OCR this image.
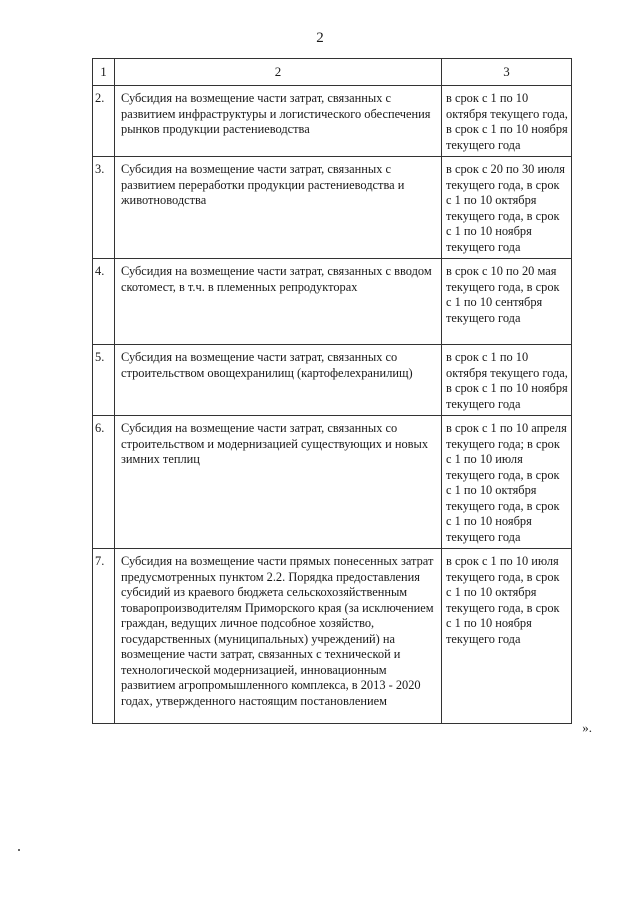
2
1	2	3
2.	Субсидия на возмещение части затрат, связанных с развитием инфраструктуры и логистического обеспечения рынков продукции растениеводства	в срок с 1 по 10 октября текущего года, в срок с 1 по 10 ноября текущего года
3.	Субсидия на возмещение части затрат, связанных с развитием переработки продукции растениеводства и животноводства	в срок с 20 по 30 июля текущего года, в срок с 1 по 10 октября текущего года, в срок с 1 по 10 ноября текущего года
4.	Субсидия на возмещение части затрат, связанных с вводом скотомест, в т.ч. в племенных репродукторах	в срок с 10 по 20 мая текущего года, в срок с 1 по 10 сентября текущего года
5.	Субсидия на возмещение части затрат, связанных со строительством овощехранилищ (картофелехранилищ)	в срок с 1 по 10 октября текущего года, в срок с 1 по 10 ноября текущего года
6.	Субсидия на возмещение части затрат, связанных со строительством и модернизацией существующих и новых зимних теплиц	в срок с 1 по 10 апреля текущего года; в срок с 1 по 10 июля текущего года, в срок с 1 по 10 октября текущего года, в срок с 1 по 10 ноября текущего года
7.	Субсидия на возмещение части прямых понесенных затрат предусмотренных пунктом 2.2. Порядка предоставления субсидий из краевого бюджета сельскохозяйственным товаропроизводителям Приморского края (за исключением граждан, ведущих личное подсобное хозяйство, государственных (муниципальных) учреждений) на возмещение части затрат, связанных с технической и технологической модернизацией, инновационным развитием агропромышленного комплекса, в 2013 - 2020 годах, утвержденного настоящим постановлением	в срок с 1 по 10 июля текущего года, в срок с 1 по 10 октября текущего года, в срок с 1 по 10 ноября текущего года
».
